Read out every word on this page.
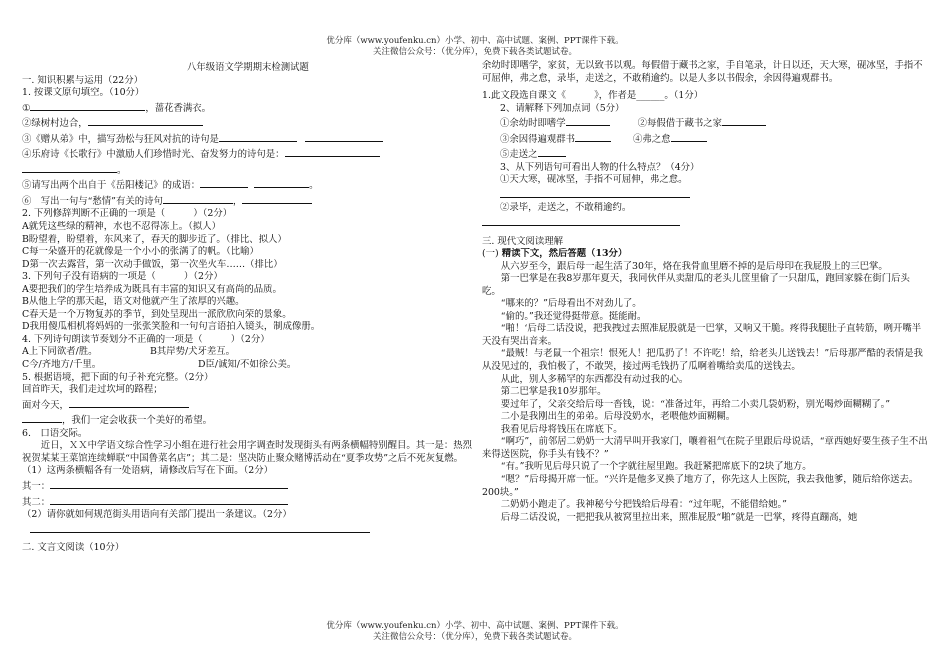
优分库（www.youfenku.cn）小学、初中、高中试题、案例、PPT课件下载。
关注微信公众号：（优分库），免费下载各类试题试卷。

八年级语文学期期末检测试题

一. 知识积累与运用（22分）

1. 按课文原句填空。（10分）

①	，蔷花香满衣。

②绿树村边合，

③《赠从弟》中，描写劲松与狂风对抗的诗句是

④乐府诗《长歌行》中激励人们珍惜时光、奋发努力的诗句是：

。

⑤请写出两个出自于《岳阳楼记》的成语：	。

⑥　写出一句与“愁情”有关的诗句	，

2. 下列修辞判断不正确的一项是（　　　）（2分）

A就凭这些绿的精神，水也不忍得冻上。（拟人）

B盼望着，盼望着，东风来了，春天的脚步近了。（排比、拟人）

C每一朵盛开的花就像是一个小小的张满了的帆。（比喻）

D第一次去露营，第一次动手做饭，第一次坐火车……（排比）

3. 下列句子没有语病的一项是（　　　）（2分）

A要把我们的学生培养成为既具有丰富的知识又有高尚的品质。

B从他上学的那天起，语文对他就产生了浓厚的兴趣。

C春天是一个万物复苏的季节，到处呈现出一派欣欣向荣的景象。

D我用傻瓜相机将妈妈的一张张笑脸和一句句言语拍入镜头，制成像册。

4. 下列诗句朗读节奏划分不正确的一项是（　　　）（2分）

A上下同欲者/胜。	B其岸势/犬牙差互。

C今/齐地方/千里。	D臣/诚知/不如徐公美。

5. 根据语境，把下面的句子补充完整。（2分）

回首昨天，我们走过坎坷的路程；

面对今天，

，我们一定会收获一个美好的希望。

6.　口语交际。

近日，ＸＸ中学语文综合性学习小组在进行社会用字调查时发现街头有两条横幅特别醒目。其一是：热烈祝贺某某王菜馆连续蝉联“中国鲁菜名店”；其二是：坚决防止聚众赌博活动在“夏季攻势”之后不死灰复燃。

（1）这两条横幅各有一处语病，请修改后写在下面。（2分）

其一：

其二：

（2）请你就如何规范街头用语向有关部门提出一条建议。（2分）

二. 文言文阅读（10分）

余幼时即嗜学，家贫，无以致书以观。每假借于藏书之家，手自笔录，计日以还，天大寒，砚冰坚，手指不可屈伸，弗之怠，录毕，走送之，不敢稍逾约。以是人多以书假余，余因得遍观群书。

1.此文段选自课文《　　　》，作者是______。（1分）

2、请解释下列加点词（5分）

①余幼时即嗜学	②每假借于藏书之家

③余因得遍观群书	④弗之怠

⑤走送之

3、从下列语句可看出人物的什么特点？（4分）

①天大寒，砚冰坚，手指不可屈伸，弗之怠。

②录毕，走送之，不敢稍逾约。

三. 现代文阅读理解

(一) 精读下文，然后答题（13分）

从六岁至今，跟后母一起生活了30年，烙在我骨血里磨不掉的是后母印在我屁股上的三巴掌。

第一巴掌是在我8岁那年夏天，我同伙伴从卖甜瓜的老头儿筐里偷了一只甜瓜，跑回家躲在街门后头吃。

“哪来的？”后母看出不对劲儿了。

“偷的。”我还觉得挺带意。挺能耐。

“啪！‘后母二话没说，把我拽过去照准屁股就是一巴掌，又响又干脆。疼得我腿肚子直转筋，咧开嘴半天没有哭出音来。

“最贼！与老鼠一个祖宗！恨死人！把瓜扔了！不许吃！给，给老头儿送钱去！”后母那严酷的表情是我从没见过的，我怕极了，不敢哭，接过两毛钱扔了瓜啊着嘴给卖瓜的送钱去。

从此，别人多稀罕的东西都没有动过我的心。

第二巴掌是我10岁那年。

要过年了，父亲交给后母一沓钱，说：“准备过年，再给二小卖几袋奶粉，别光喝炒面糊糊了。”

二小是我刚出生的弟弟。后母没奶水，老喂他炒面糊糊。

我看见后母将钱压在席底下。

“啊巧”，前邻居二奶奶一大清早叫开我家门，嚷着祖气在院子里跟后母说话，“章西她好要生孩子生不出来得送医院，你手头有钱不？”

“有。”我听见后母只说了一个字就往屋里跑。我赶紧把席底下的2块了地方。

“嗯？”后母揭开席一怔。“兴许是他多叉换了地方了，你先这人上医院，我去我他爹，随后给你送去。200块。”

二奶奶小跑走了。我神秘兮兮把钱给后母看：“过年呢，不能借给她。”

后母二话没说，一把把我从被窝里拉出来，照准屁股“啪”就是一巴掌，疼得直蹦高，她

优分库（www.youfenku.cn）小学、初中、高中试题、案例、PPT课件下载。
关注微信公众号：（优分库），免费下载各类试题试卷。
